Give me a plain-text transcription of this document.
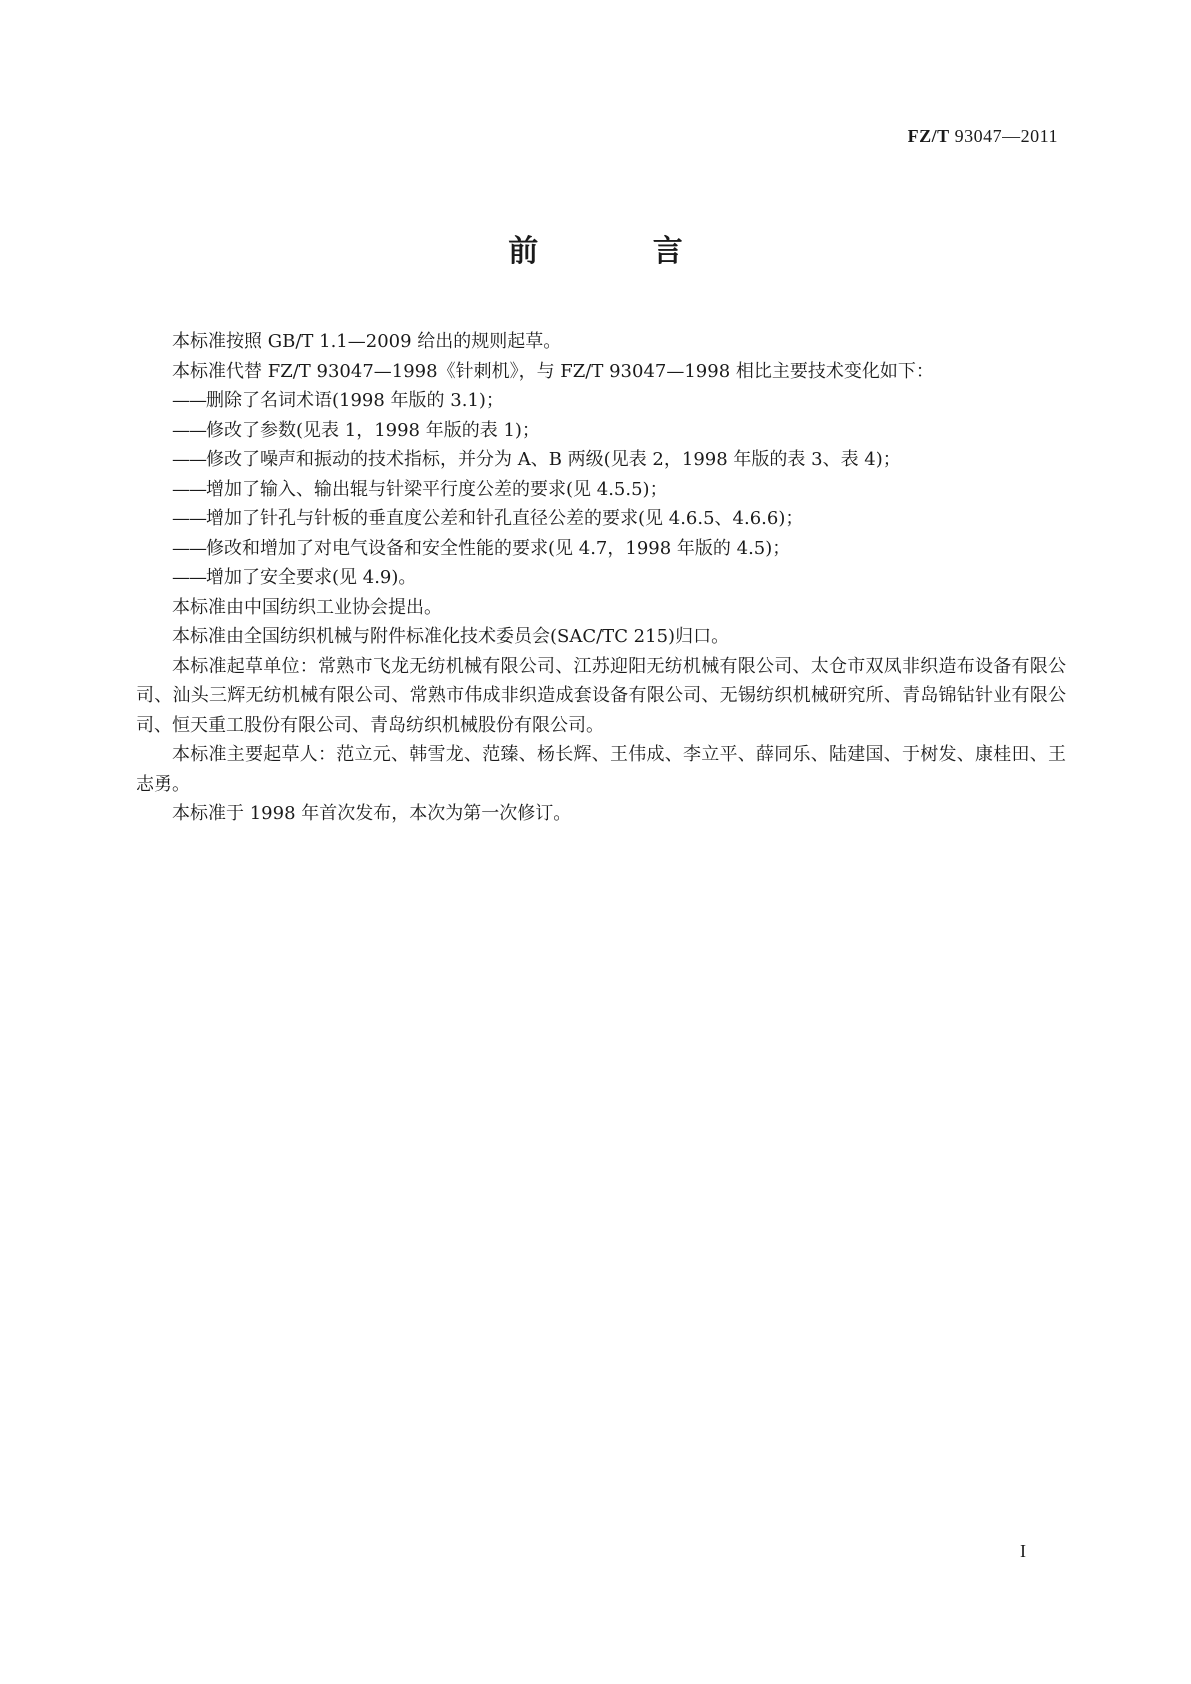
FZ/T 93047—2011
前 言

本标准按照 GB/T 1.1—2009 给出的规则起草。

本标准代替 FZ/T 93047—1998《针刺机》，与 FZ/T 93047—1998 相比主要技术变化如下：

——删除了名词术语(1998 年版的 3.1)；

——修改了参数(见表 1，1998 年版的表 1)；

——修改了噪声和振动的技术指标，并分为 A、B 两级(见表 2，1998 年版的表 3、表 4)；

——增加了输入、输出辊与针梁平行度公差的要求(见 4.5.5)；

——增加了针孔与针板的垂直度公差和针孔直径公差的要求(见 4.6.5、4.6.6)；

——修改和增加了对电气设备和安全性能的要求(见 4.7，1998 年版的 4.5)；

——增加了安全要求(见 4.9)。

本标准由中国纺织工业协会提出。

本标准由全国纺织机械与附件标准化技术委员会(SAC/TC 215)归口。

本标准起草单位：常熟市飞龙无纺机械有限公司、江苏迎阳无纺机械有限公司、太仓市双凤非织造布设备有限公司、汕头三辉无纺机械有限公司、常熟市伟成非织造成套设备有限公司、无锡纺织机械研究所、青岛锦钻针业有限公司、恒天重工股份有限公司、青岛纺织机械股份有限公司。

本标准主要起草人：范立元、韩雪龙、范臻、杨长辉、王伟成、李立平、薛同乐、陆建国、于树发、康桂田、王志勇。

本标准于 1998 年首次发布，本次为第一次修订。

I
